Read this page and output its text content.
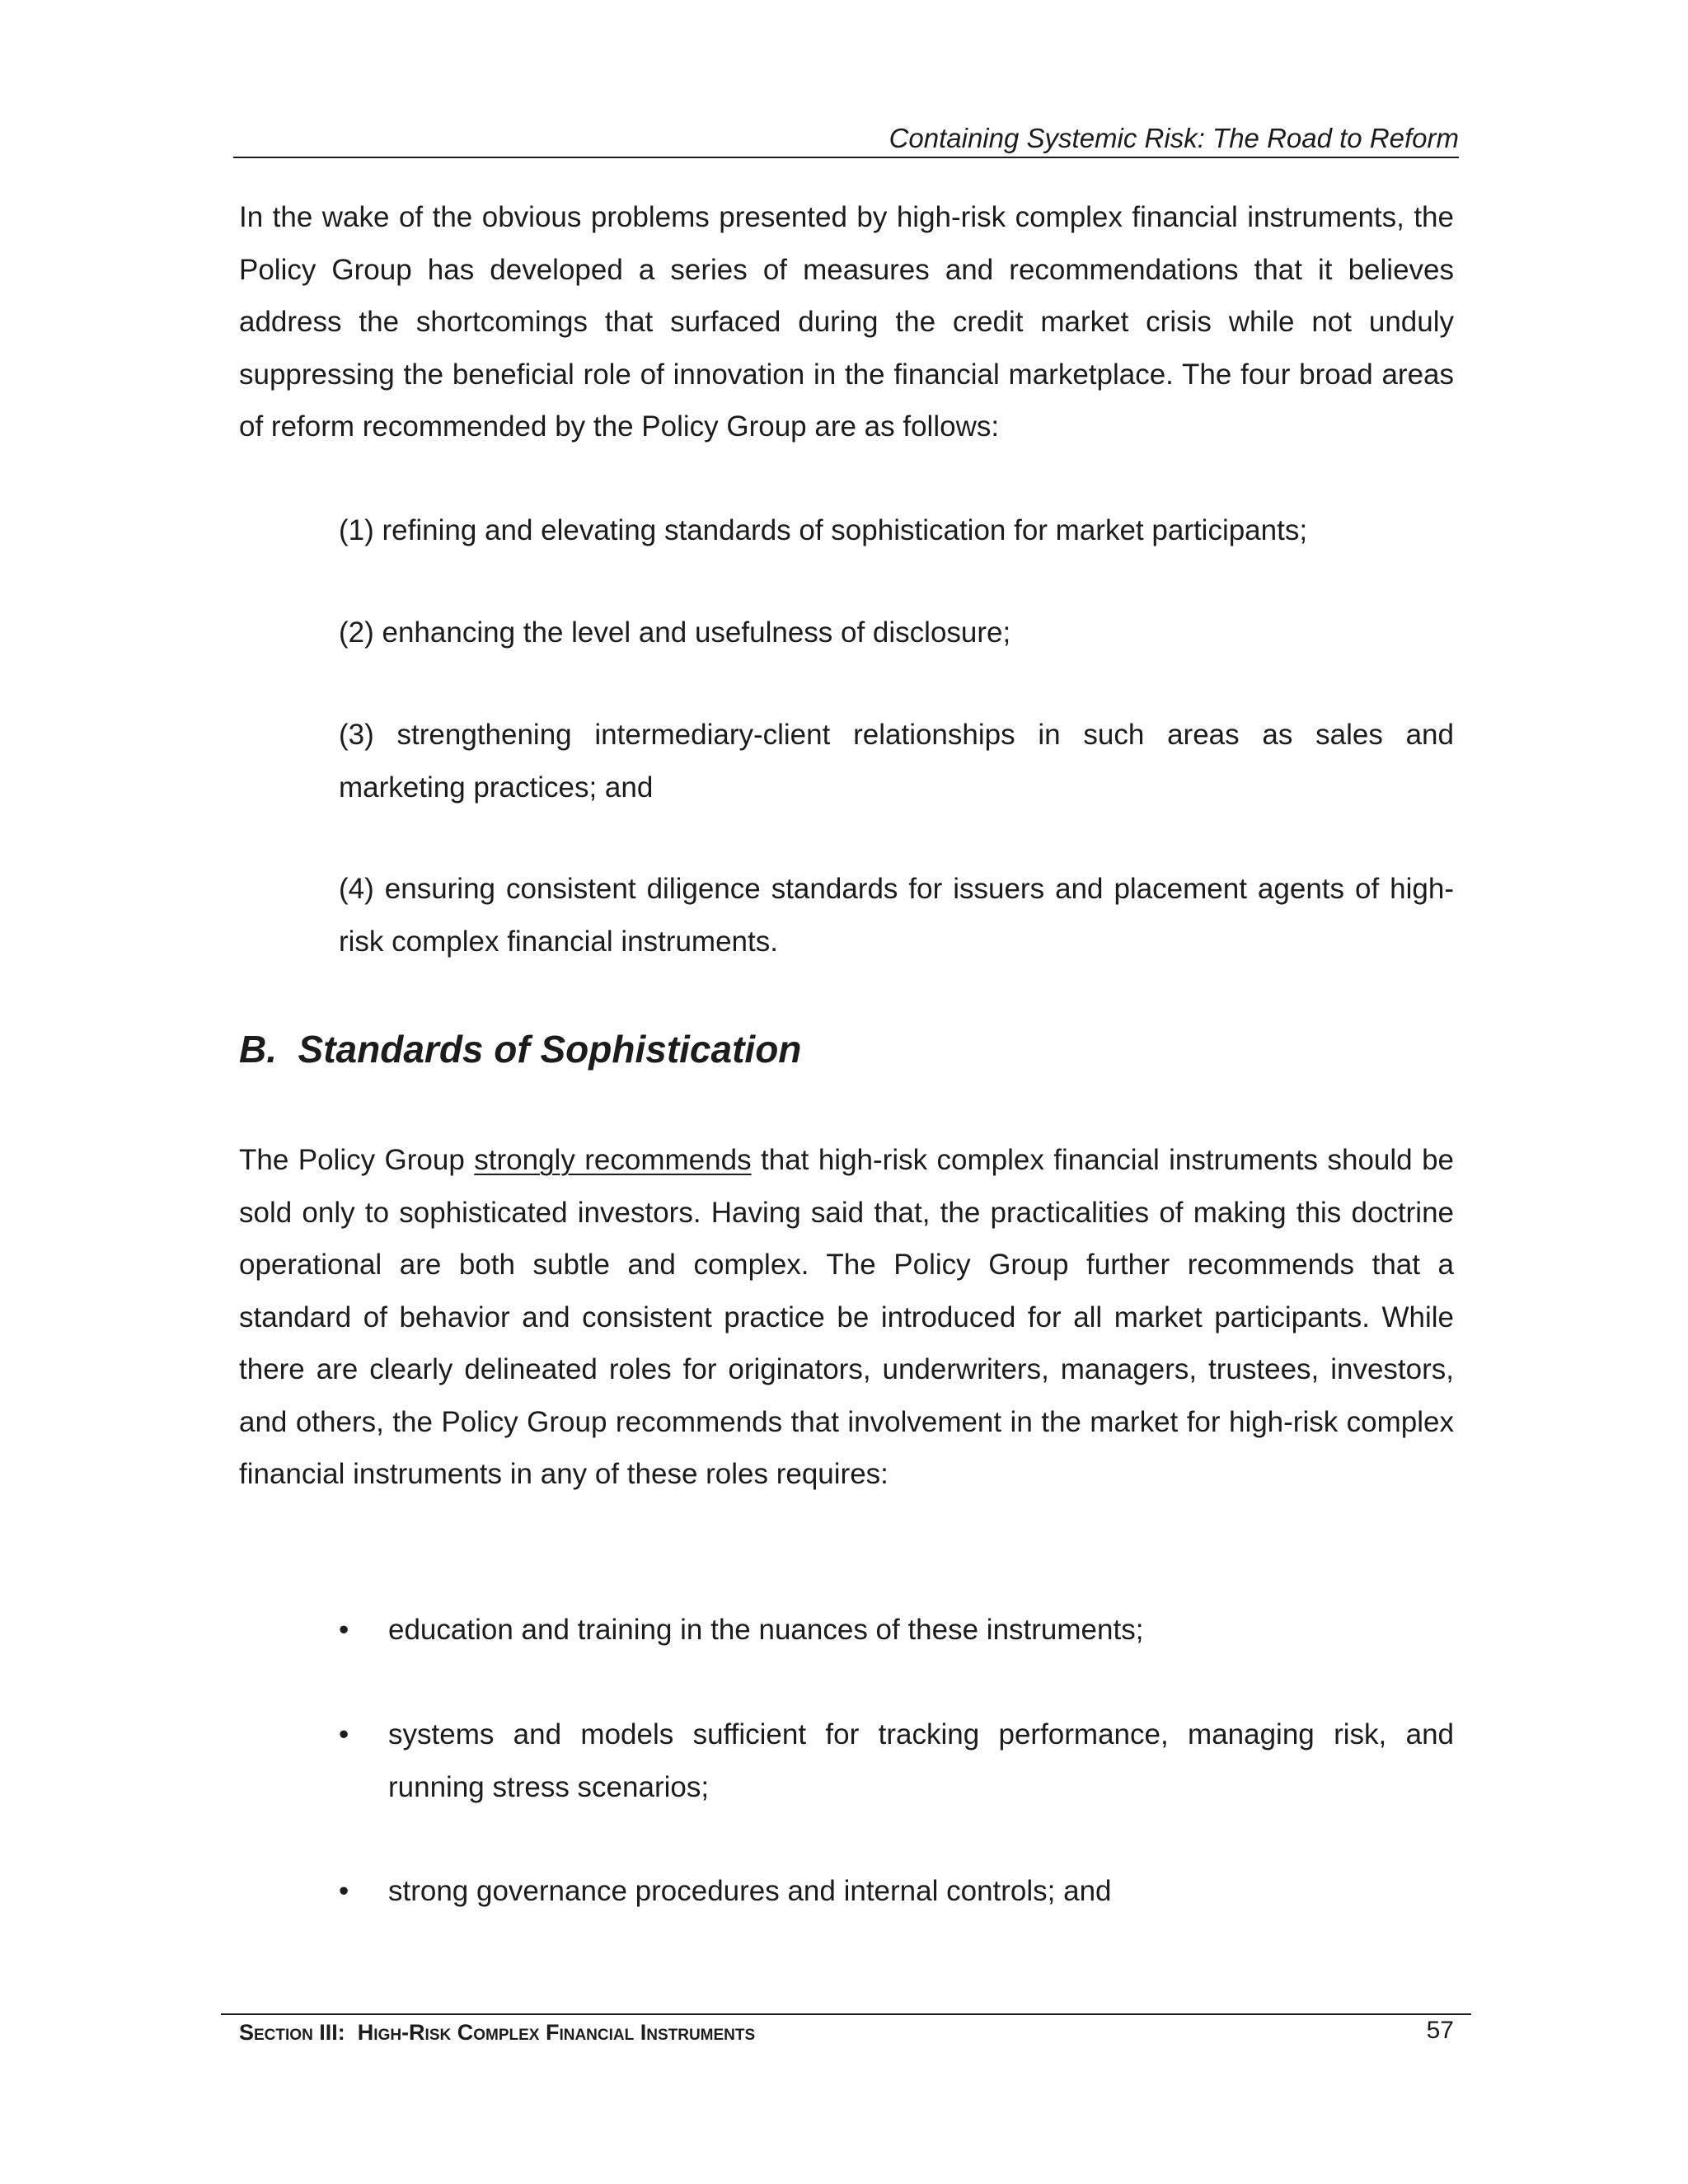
Containing Systemic Risk: The Road to Reform

In the wake of the obvious problems presented by high-risk complex financial instruments, the Policy Group has developed a series of measures and recommendations that it believes address the shortcomings that surfaced during the credit market crisis while not unduly suppressing the beneficial role of innovation in the financial marketplace. The four broad areas of reform recommended by the Policy Group are as follows:

(1) refining and elevating standards of sophistication for market participants;

(2) enhancing the level and usefulness of disclosure;

(3) strengthening intermediary-client relationships in such areas as sales and marketing practices; and

(4) ensuring consistent diligence standards for issuers and placement agents of high-risk complex financial instruments.

B.  Standards of Sophistication

The Policy Group strongly recommends that high-risk complex financial instruments should be sold only to sophisticated investors. Having said that, the practicalities of making this doctrine operational are both subtle and complex. The Policy Group further recommends that a standard of behavior and consistent practice be introduced for all market participants. While there are clearly delineated roles for originators, underwriters, managers, trustees, investors, and others, the Policy Group recommends that involvement in the market for high-risk complex financial instruments in any of these roles requires:

• education and training in the nuances of these instruments;

• systems and models sufficient for tracking performance, managing risk, and running stress scenarios;

• strong governance procedures and internal controls; and

Section III:  High-Risk Complex Financial Instruments	57
